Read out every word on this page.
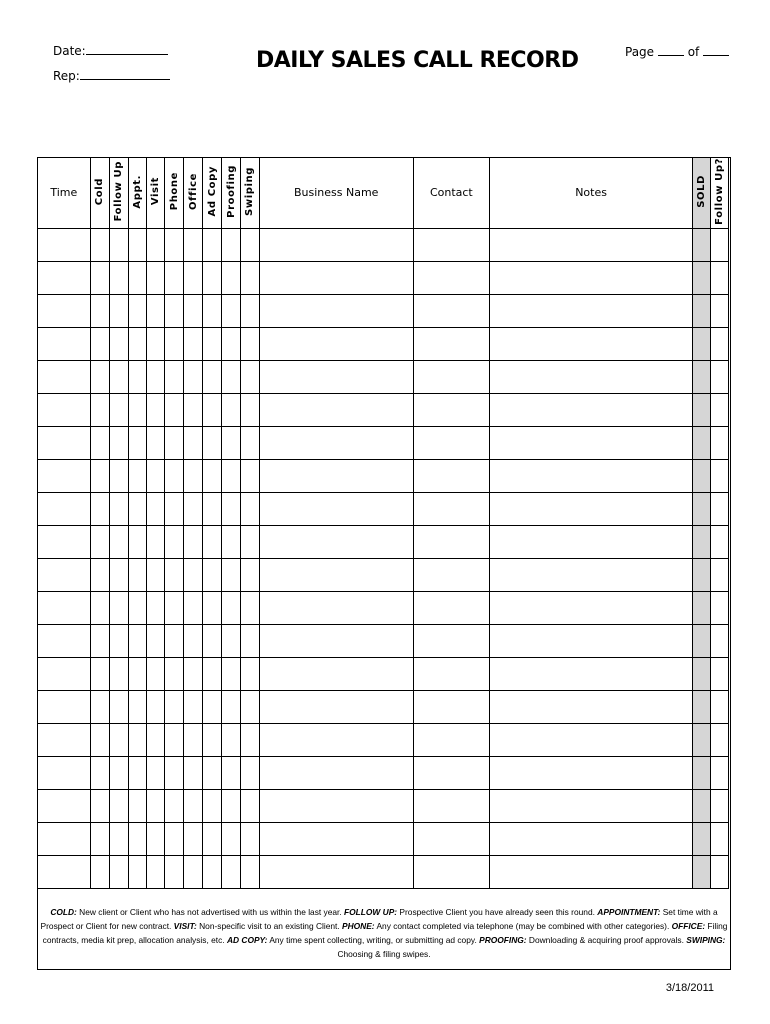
Date:
Rep:
DAILY SALES CALL RECORD	Page	of
Time	Cold	Follow Up	Appt.	Visit	Phone	Office	Ad Copy	Proofing	Swiping	Business Name	Contact	Notes	SOLD	Follow Up?

COLD: New client or Client who has not advertised with us within the last year. FOLLOW UP: Prospective Client you have already seen this round. APPOINTMENT: Set time with a Prospect or Client for new contract. VISIT: Non-specific visit to an existing Client. PHONE: Any contact completed via telephone (may be combined with other categories). OFFICE: Filing contracts, media kit prep, allocation analysis, etc. AD COPY: Any time spent collecting, writing, or submitting ad copy. PROOFING: Downloading & acquiring proof approvals. SWIPING: Choosing & filing swipes.
3/18/2011
